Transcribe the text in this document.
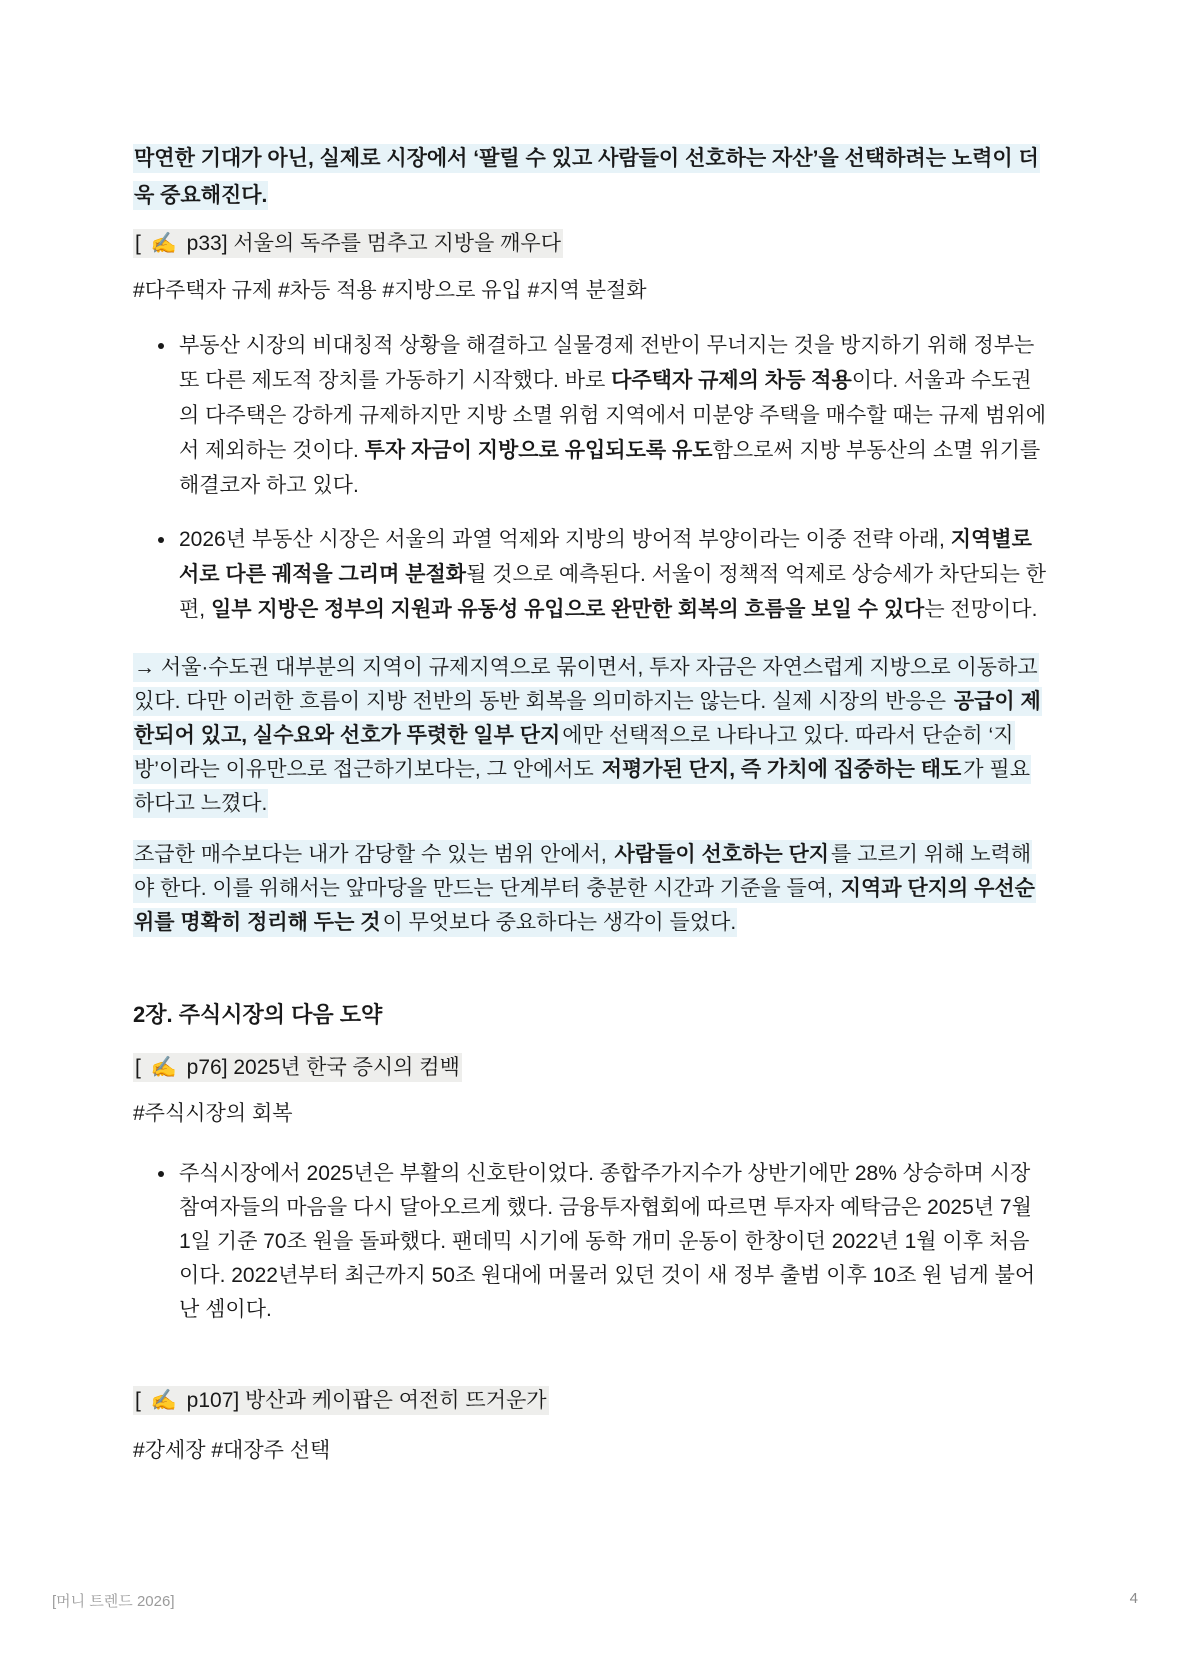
막연한 기대가 아닌, 실제로 시장에서 ‘팔릴 수 있고 사람들이 선호하는 자산’을 선택하려는 노력이 더욱 중요해진다.

[ ✍️ p33] 서울의 독주를 멈추고 지방을 깨우다

#다주택자 규제 #차등 적용 #지방으로 유입 #지역 분절화

• 부동산 시장의 비대칭적 상황을 해결하고 실물경제 전반이 무너지는 것을 방지하기 위해 정부는 또 다른 제도적 장치를 가동하기 시작했다. 바로 다주택자 규제의 차등 적용이다. 서울과 수도권의 다주택은 강하게 규제하지만 지방 소멸 위험 지역에서 미분양 주택을 매수할 때는 규제 범위에서 제외하는 것이다. 투자 자금이 지방으로 유입되도록 유도함으로써 지방 부동산의 소멸 위기를 해결코자 하고 있다.
• 2026년 부동산 시장은 서울의 과열 억제와 지방의 방어적 부양이라는 이중 전략 아래, 지역별로 서로 다른 궤적을 그리며 분절화될 것으로 예측된다. 서울이 정책적 억제로 상승세가 차단되는 한편, 일부 지방은 정부의 지원과 유동성 유입으로 완만한 회복의 흐름을 보일 수 있다는 전망이다.

→ 서울·수도권 대부분의 지역이 규제지역으로 묶이면서, 투자 자금은 자연스럽게 지방으로 이동하고 있다. 다만 이러한 흐름이 지방 전반의 동반 회복을 의미하지는 않는다. 실제 시장의 반응은 공급이 제한되어 있고, 실수요와 선호가 뚜렷한 일부 단지에만 선택적으로 나타나고 있다. 따라서 단순히 ‘지방’이라는 이유만으로 접근하기보다는, 그 안에서도 저평가된 단지, 즉 가치에 집중하는 태도가 필요하다고 느꼈다.

조급한 매수보다는 내가 감당할 수 있는 범위 안에서, 사람들이 선호하는 단지를 고르기 위해 노력해야 한다. 이를 위해서는 앞마당을 만드는 단계부터 충분한 시간과 기준을 들여, 지역과 단지의 우선순위를 명확히 정리해 두는 것이 무엇보다 중요하다는 생각이 들었다.

2장. 주식시장의 다음 도약

[ ✍️ p76] 2025년 한국 증시의 컴백

#주식시장의 회복

• 주식시장에서 2025년은 부활의 신호탄이었다. 종합주가지수가 상반기에만 28% 상승하며 시장 참여자들의 마음을 다시 달아오르게 했다. 금융투자협회에 따르면 투자자 예탁금은 2025년 7월 1일 기준 70조 원을 돌파했다. 팬데믹 시기에 동학 개미 운동이 한창이던 2022년 1월 이후 처음이다. 2022년부터 최근까지 50조 원대에 머물러 있던 것이 새 정부 출범 이후 10조 원 넘게 불어난 셈이다.

[ ✍️ p107] 방산과 케이팝은 여전히 뜨거운가

#강세장 #대장주 선택

[머니 트렌드 2026]	4
